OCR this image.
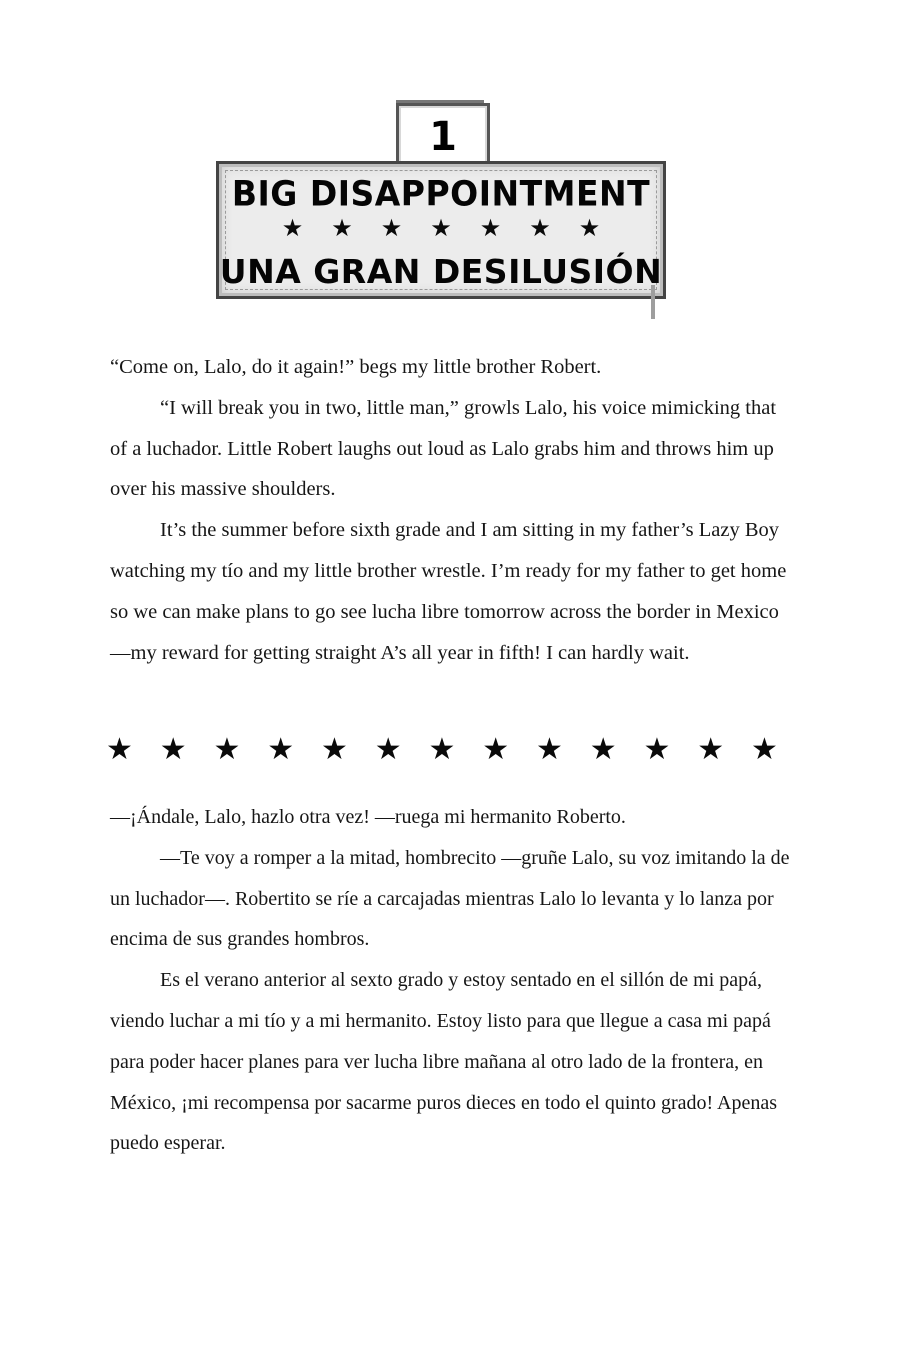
1
BIG DISAPPOINTMENT
★ ★ ★ ★ ★ ★ ★
UNA GRAN DESILUSIÓN

“Come on, Lalo, do it again!” begs my little brother Robert.

“I will break you in two, little man,” growls Lalo, his voice mimicking that of a luchador. Little Robert laughs out loud as Lalo grabs him and throws him up over his massive shoulders.

It’s the summer before sixth grade and I am sitting in my father’s Lazy Boy watching my tío and my little brother wrestle. I’m ready for my father to get home so we can make plans to go see lucha libre tomorrow across the border in Mexico—my reward for getting straight A’s all year in fifth! I can hardly wait.

★ ★ ★ ★ ★ ★ ★ ★ ★ ★ ★ ★ ★

—¡Ándale, Lalo, hazlo otra vez! —ruega mi hermanito Roberto.

—Te voy a romper a la mitad, hombrecito —gruñe Lalo, su voz imitando la de un luchador—. Robertito se ríe a carcajadas mientras Lalo lo levanta y lo lanza por encima de sus grandes hombros.

Es el verano anterior al sexto grado y estoy sentado en el sillón de mi papá, viendo luchar a mi tío y a mi hermanito. Estoy listo para que llegue a casa mi papá para poder hacer planes para ver lucha libre mañana al otro lado de la frontera, en México, ¡mi recompensa por sacarme puros dieces en todo el quinto grado! Apenas puedo esperar.
